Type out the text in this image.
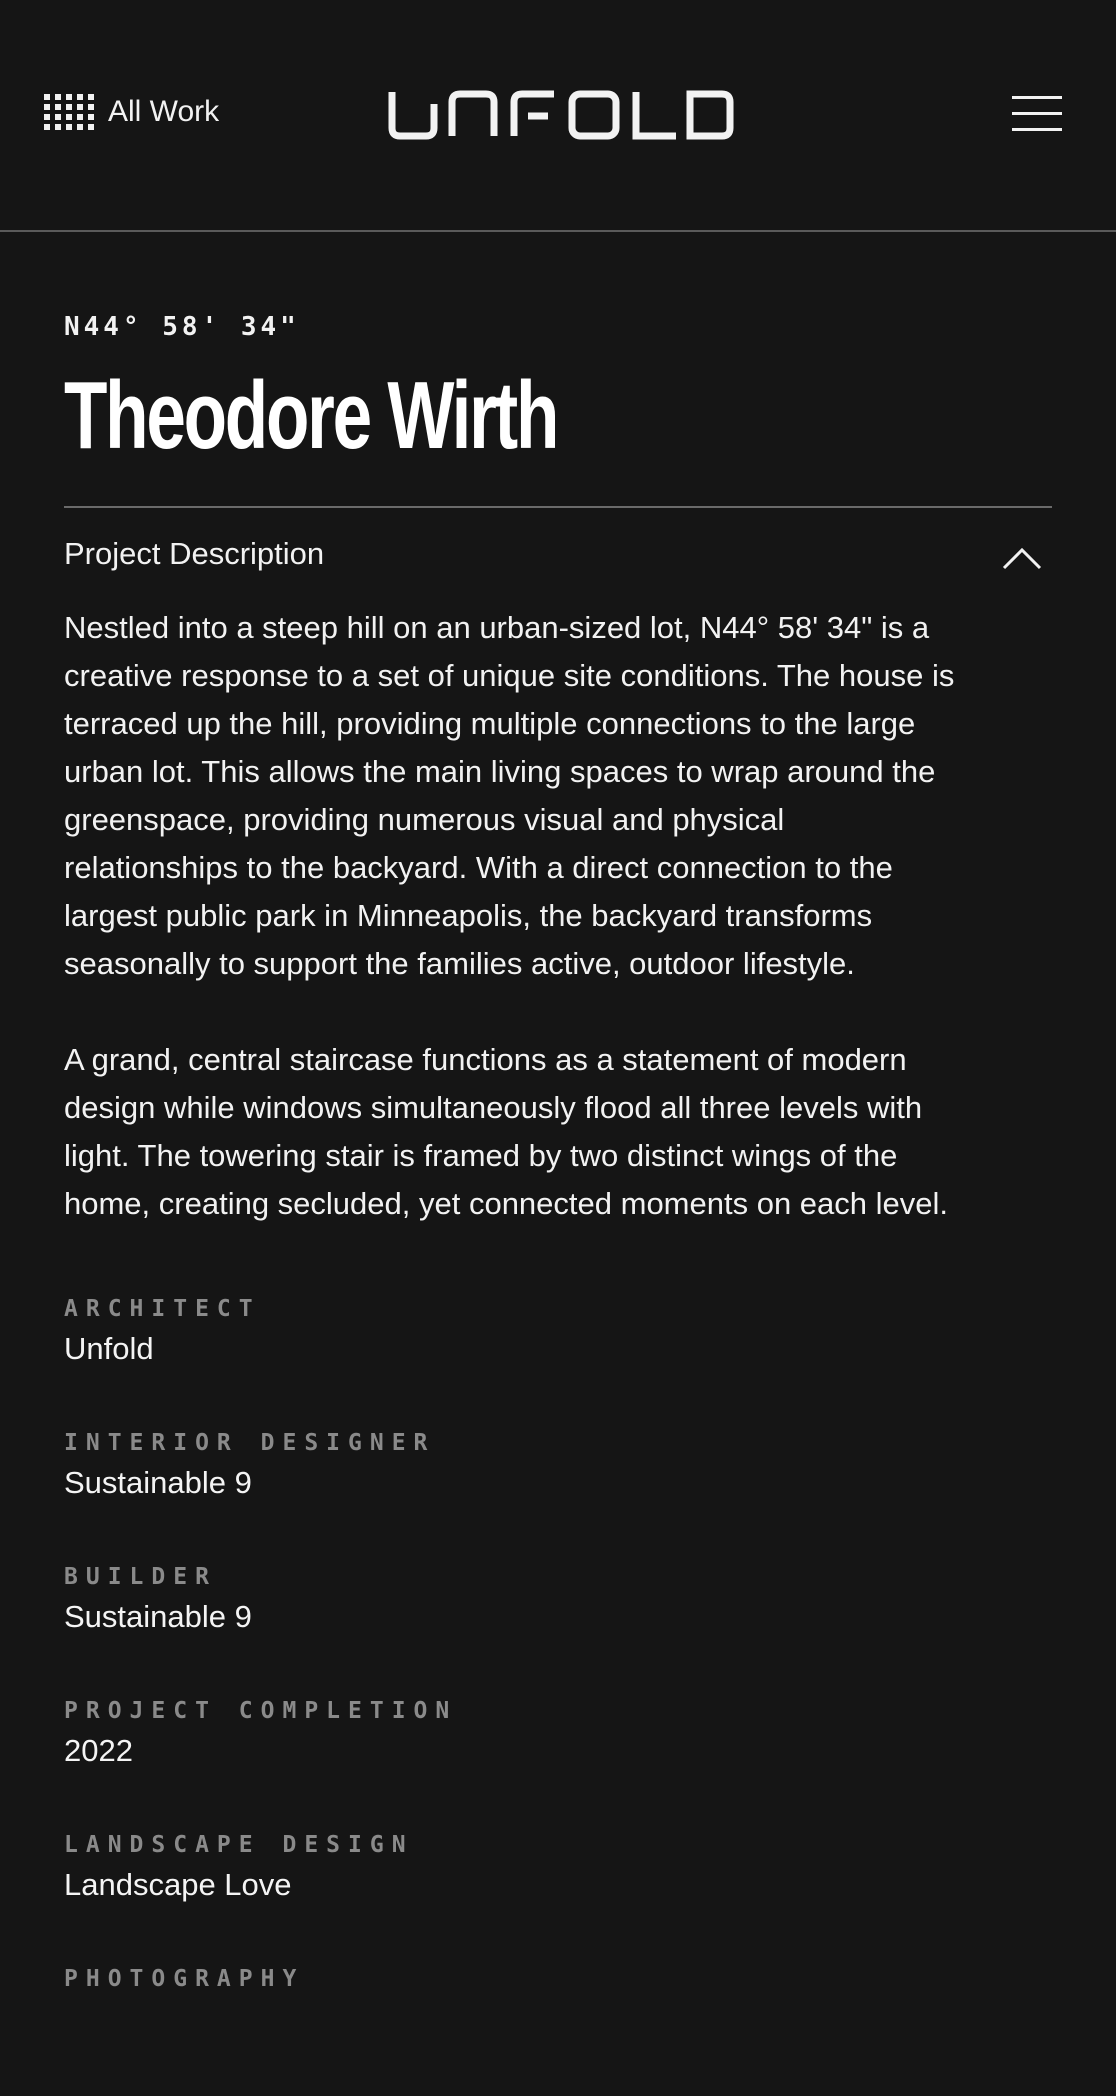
All Work
N44° 58' 34"
Theodore Wirth
Project Description

Nestled into a steep hill on an urban-sized lot, N44° 58' 34" is a
creative response to a set of unique site conditions. The house is
terraced up the hill, providing multiple connections to the large
urban lot. This allows the main living spaces to wrap around the
greenspace, providing numerous visual and physical
relationships to the backyard. With a direct connection to the
largest public park in Minneapolis, the backyard transforms
seasonally to support the families active, outdoor lifestyle.

A grand, central staircase functions as a statement of modern
design while windows simultaneously flood all three levels with
light. The towering stair is framed by two distinct wings of the
home, creating secluded, yet connected moments on each level.

ARCHITECT
Unfold
INTERIOR DESIGNER
Sustainable 9
BUILDER
Sustainable 9
PROJECT COMPLETION
2022
LANDSCAPE DESIGN
Landscape Love
PHOTOGRAPHY
